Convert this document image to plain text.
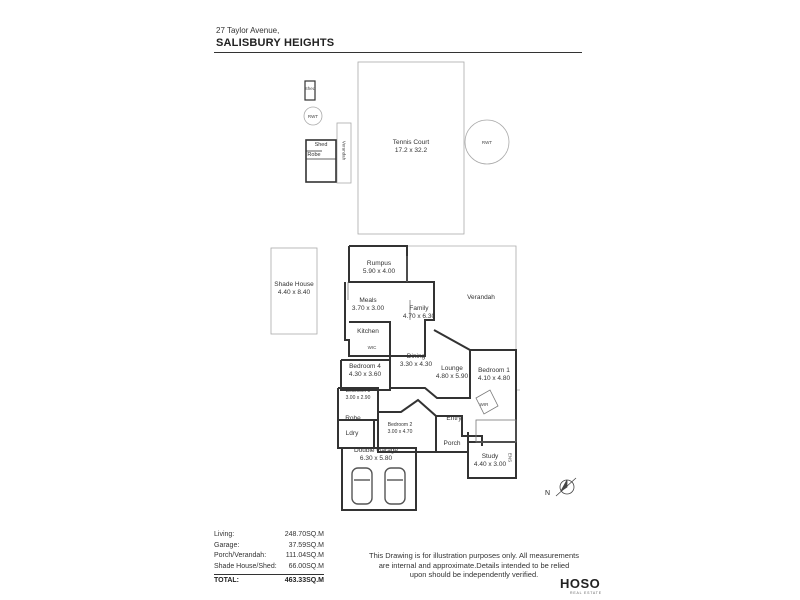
27 Taylor Avenue,
SALISBURY HEIGHTS
Shed
RWT
Shed
Robe	Verandah	Tennis Court
17.2 x 32.2
RWT
Shade House
4.40 x 8.40
Rumpus
5.90 x 4.00
Meals
3.70 x 3.00	Family
4.70 x 6.30
Verandah
Kitchen
WIC
Dining
3.30 x 4.30
Lounge
4.80 x 5.90
Bedroom 1
4.10 x 4.80
Bedroom 4
4.30 x 3.60
Bedroom 3
3.00 x 2.90
WIR
Robe	Entry
Bedroom 2
3.00 x 4.70
Ldry
Porch
ENS
Double Garage
6.30 x 5.80	Study
4.40 x 3.00
N
Living:	248.70SQ.M
Garage:	37.59SQ.M
Porch/Verandah:	111.04SQ.M
Shade House/Shed: 66.00SQ.M
TOTAL:	463.33SQ.M
This Drawing is for illustration purposes only. All measurements
are internal and approximate.Details intended to be relied
upon should be independently verified.
HOSO
REAL ESTATE
